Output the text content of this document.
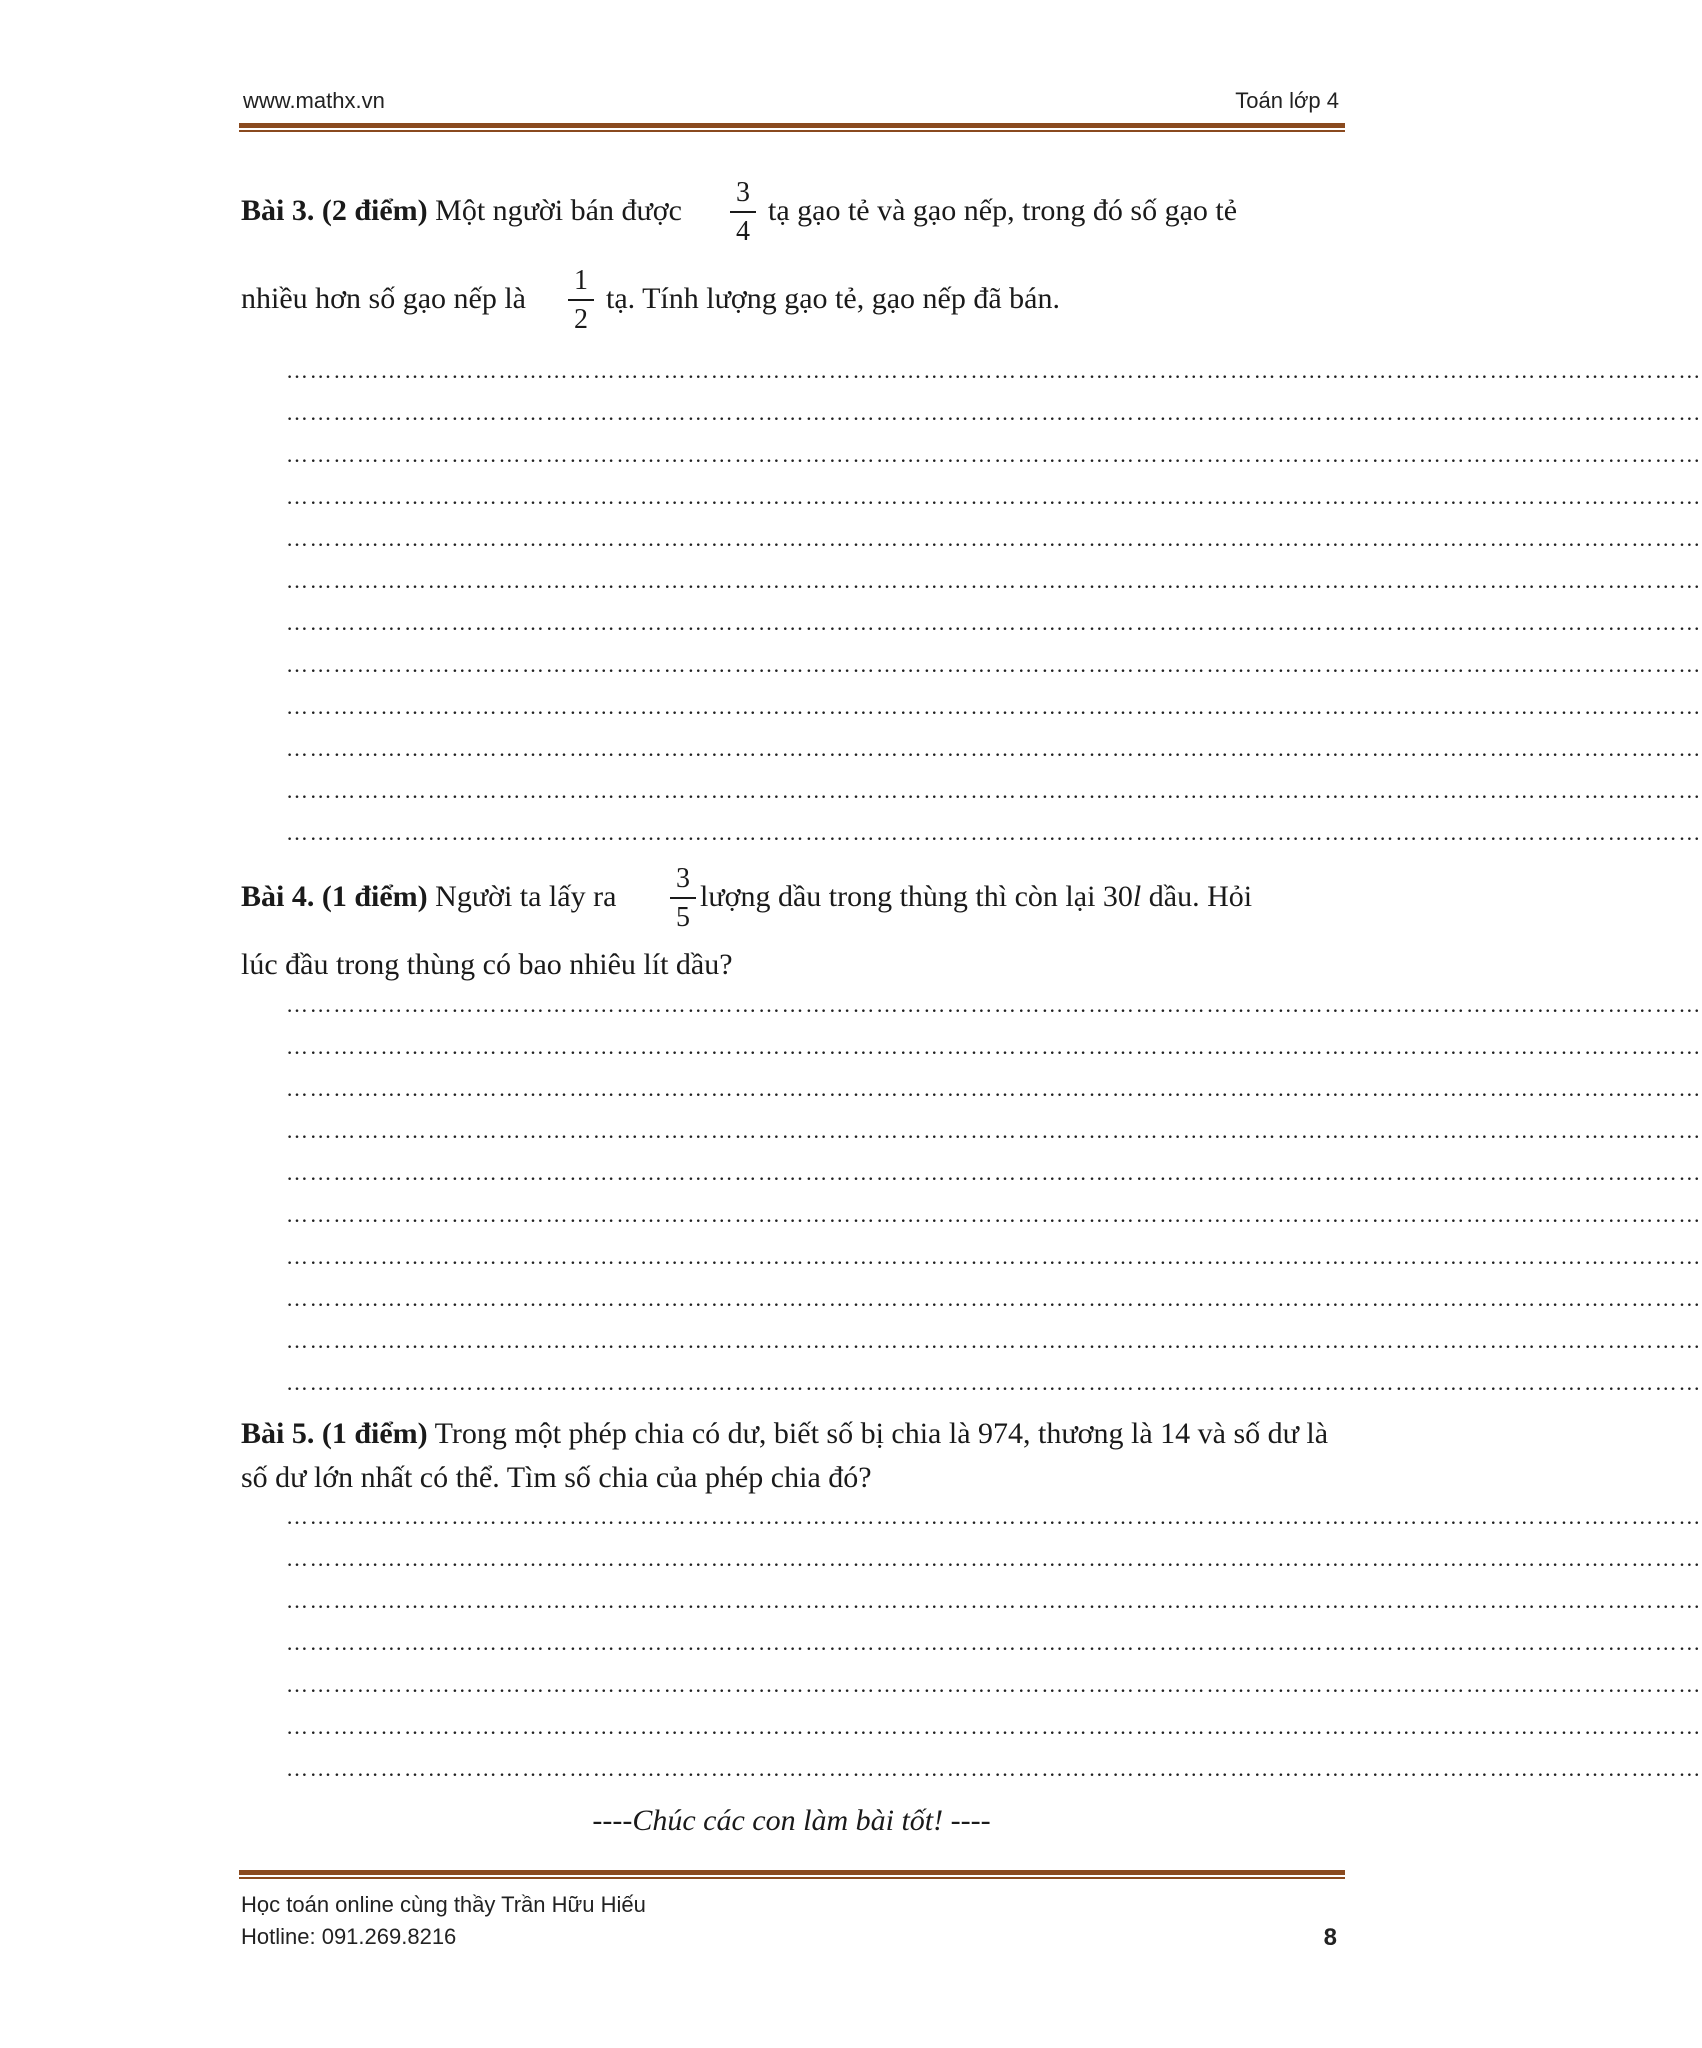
www.mathx.vn	Toán lớp 4
Bài 3. (2 điểm) Một người bán được
3
4
tạ gạo tẻ và gạo nếp, trong đó số gạo tẻ
nhiều hơn số gạo nếp là
1
2
tạ. Tính lượng gạo tẻ, gạo nếp đã bán.
………………………………………………………………………………………………………………………………………………………………
………………………………………………………………………………………………………………………………………………………………
………………………………………………………………………………………………………………………………………………………………
………………………………………………………………………………………………………………………………………………………………
………………………………………………………………………………………………………………………………………………………………
………………………………………………………………………………………………………………………………………………………………
………………………………………………………………………………………………………………………………………………………………
………………………………………………………………………………………………………………………………………………………………
………………………………………………………………………………………………………………………………………………………………
………………………………………………………………………………………………………………………………………………………………
………………………………………………………………………………………………………………………………………………………………
………………………………………………………………………………………………………………………………………………………………
Bài 4. (1 điểm) Người ta lấy ra
3
5
lượng dầu trong thùng thì còn lại 30l dầu. Hỏi
lúc đầu trong thùng có bao nhiêu lít dầu?
………………………………………………………………………………………………………………………………………………………………
………………………………………………………………………………………………………………………………………………………………
………………………………………………………………………………………………………………………………………………………………
………………………………………………………………………………………………………………………………………………………………
………………………………………………………………………………………………………………………………………………………………
………………………………………………………………………………………………………………………………………………………………
………………………………………………………………………………………………………………………………………………………………
………………………………………………………………………………………………………………………………………………………………
………………………………………………………………………………………………………………………………………………………………
………………………………………………………………………………………………………………………………………………………………
Bài 5. (1 điểm) Trong một phép chia có dư, biết số bị chia là 974, thương là 14 và số dư là số dư lớn nhất có thể. Tìm số chia của phép chia đó?
………………………………………………………………………………………………………………………………………………………………
………………………………………………………………………………………………………………………………………………………………
………………………………………………………………………………………………………………………………………………………………
………………………………………………………………………………………………………………………………………………………………
………………………………………………………………………………………………………………………………………………………………
………………………………………………………………………………………………………………………………………………………………
………………………………………………………………………………………………………………………………………………………………
----Chúc các con làm bài tốt! ----
Học toán online cùng thầy Trần Hữu Hiếu
Hotline: 091.269.8216	8
